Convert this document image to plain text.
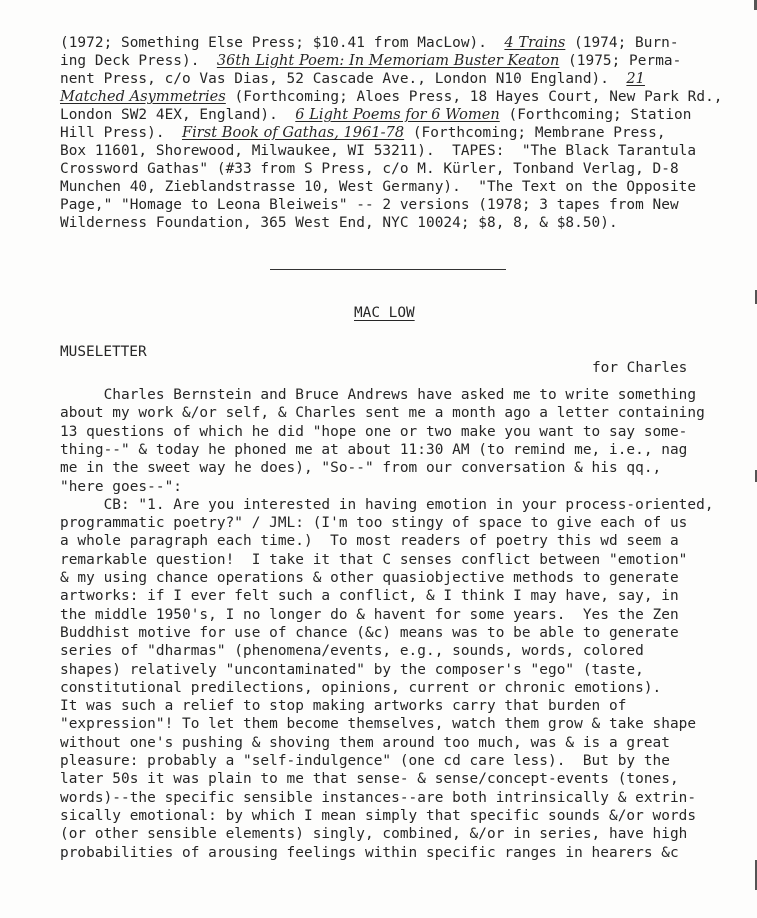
(1972; Something Else Press; $10.41 from MacLow).  4 Trains (1974; Burn-
ing Deck Press).  36th Light Poem: In Memoriam Buster Keaton (1975; Perma-
nent Press, c/o Vas Dias, 52 Cascade Ave., London N10 England).  21
Matched Asymmetries (Forthcoming; Aloes Press, 18 Hayes Court, New Park Rd.,
London SW2 4EX, England).  6 Light Poems for 6 Women (Forthcoming; Station
Hill Press).  First Book of Gathas, 1961-78 (Forthcoming; Membrane Press,
Box 11601, Shorewood, Milwaukee, WI 53211).  TAPES:  "The Black Tarantula
Crossword Gathas" (#33 from S Press, c/o M. Kürler, Tonband Verlag, D-8
Munchen 40, Zieblandstrasse 10, West Germany).  "The Text on the Opposite
Page," "Homage to Leona Bleiweis" -- 2 versions (1978; 3 tapes from New
Wilderness Foundation, 365 West End, NYC 10024; $8, 8, & $8.50).
MAC LOW
MUSELETTER
for Charles
Charles Bernstein and Bruce Andrews have asked me to write something
about my work &/or self, & Charles sent me a month ago a letter containing
13 questions of which he did "hope one or two make you want to say some-
thing--" & today he phoned me at about 11:30 AM (to remind me, i.e., nag
me in the sweet way he does), "So--" from our conversation & his qq.,
"here goes--":
CB: "1. Are you interested in having emotion in your process-oriented,
programmatic poetry?" / JML: (I'm too stingy of space to give each of us
a whole paragraph each time.)  To most readers of poetry this wd seem a
remarkable question!  I take it that C senses conflict between "emotion"
& my using chance operations & other quasiobjective methods to generate
artworks: if I ever felt such a conflict, & I think I may have, say, in
the middle 1950's, I no longer do & havent for some years.  Yes the Zen
Buddhist motive for use of chance (&c) means was to be able to generate
series of "dharmas" (phenomena/events, e.g., sounds, words, colored
shapes) relatively "uncontaminated" by the composer's "ego" (taste,
constitutional predilections, opinions, current or chronic emotions).
It was such a relief to stop making artworks carry that burden of
"expression"! To let them become themselves, watch them grow & take shape
without one's pushing & shoving them around too much, was & is a great
pleasure: probably a "self-indulgence" (one cd care less).  But by the
later 50s it was plain to me that sense- & sense/concept-events (tones,
words)--the specific sensible instances--are both intrinsically & extrin-
sically emotional: by which I mean simply that specific sounds &/or words
(or other sensible elements) singly, combined, &/or in series, have high
probabilities of arousing feelings within specific ranges in hearers &c
